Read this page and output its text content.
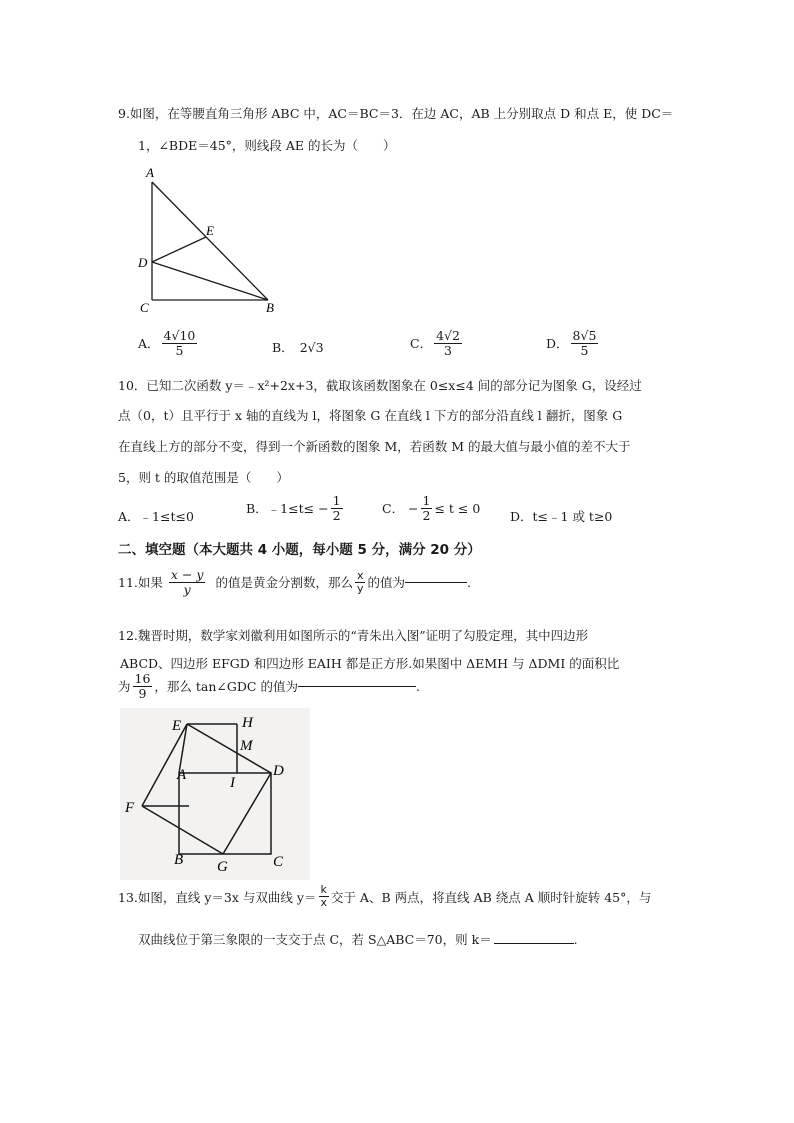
9.如图，在等腰直角三角形 ABC 中，AC＝BC＝3．在边 AC，AB 上分别取点 D 和点 E，使 DC＝
1，∠BDE＝45°，则线段 AE 的长为（　　）
A
E
D
C	B
A． $\frac{4√10}{5}$	B． 2√3	C． $\frac{4√2}{3}$	D． $\frac{8√5}{5}$
10．已知二次函数 y＝﹣x²+2x+3，截取该函数图象在 0≤x≤4 间的部分记为图象 G，设经过
点（0，t）且平行于 x 轴的直线为 l，将图象 G 在直线 l 下方的部分沿直线 l 翻折，图象 G
在直线上方的部分不变，得到一个新函数的图象 M，若函数 M 的最大值与最小值的差不大于
5，则 t 的取值范围是（　　）
A．﹣1≤t≤0
B．﹣1≤t≤ − $\frac{1}{2}$	C． − $\frac{1}{2} \le t \le 0$
D．t≤﹣1 或 t≥0
二、填空题（本大题共 4 小题，每小题 5 分，满分 20 分）
11.如果 $\frac{x - y}{y}$ 的值是黄金分割数，那么 $\frac{x}{y}$ 的值为	.
12.魏晋时期，数学家刘徽利用如图所示的“青朱出入图”证明了勾股定理，其中四边形
ABCD、四边形 EFGD 和四边形 EAIH 都是正方形.如果图中 ΔEMH 与 ΔDMI 的面积比
为 $\frac{16}{9}$ ，那么 tan∠GDC 的值为	.
E	H
M
A	I
D
F
B G	C
13.如图，直线 y＝3x 与双曲线 $y= \frac{k}{x}$ 交于 A、B 两点，将直线 AB 绕点 A 顺时针旋转 45°，与
双曲线位于第三象限的一支交于点 C，若 S△ABC＝70，则 k＝	.
